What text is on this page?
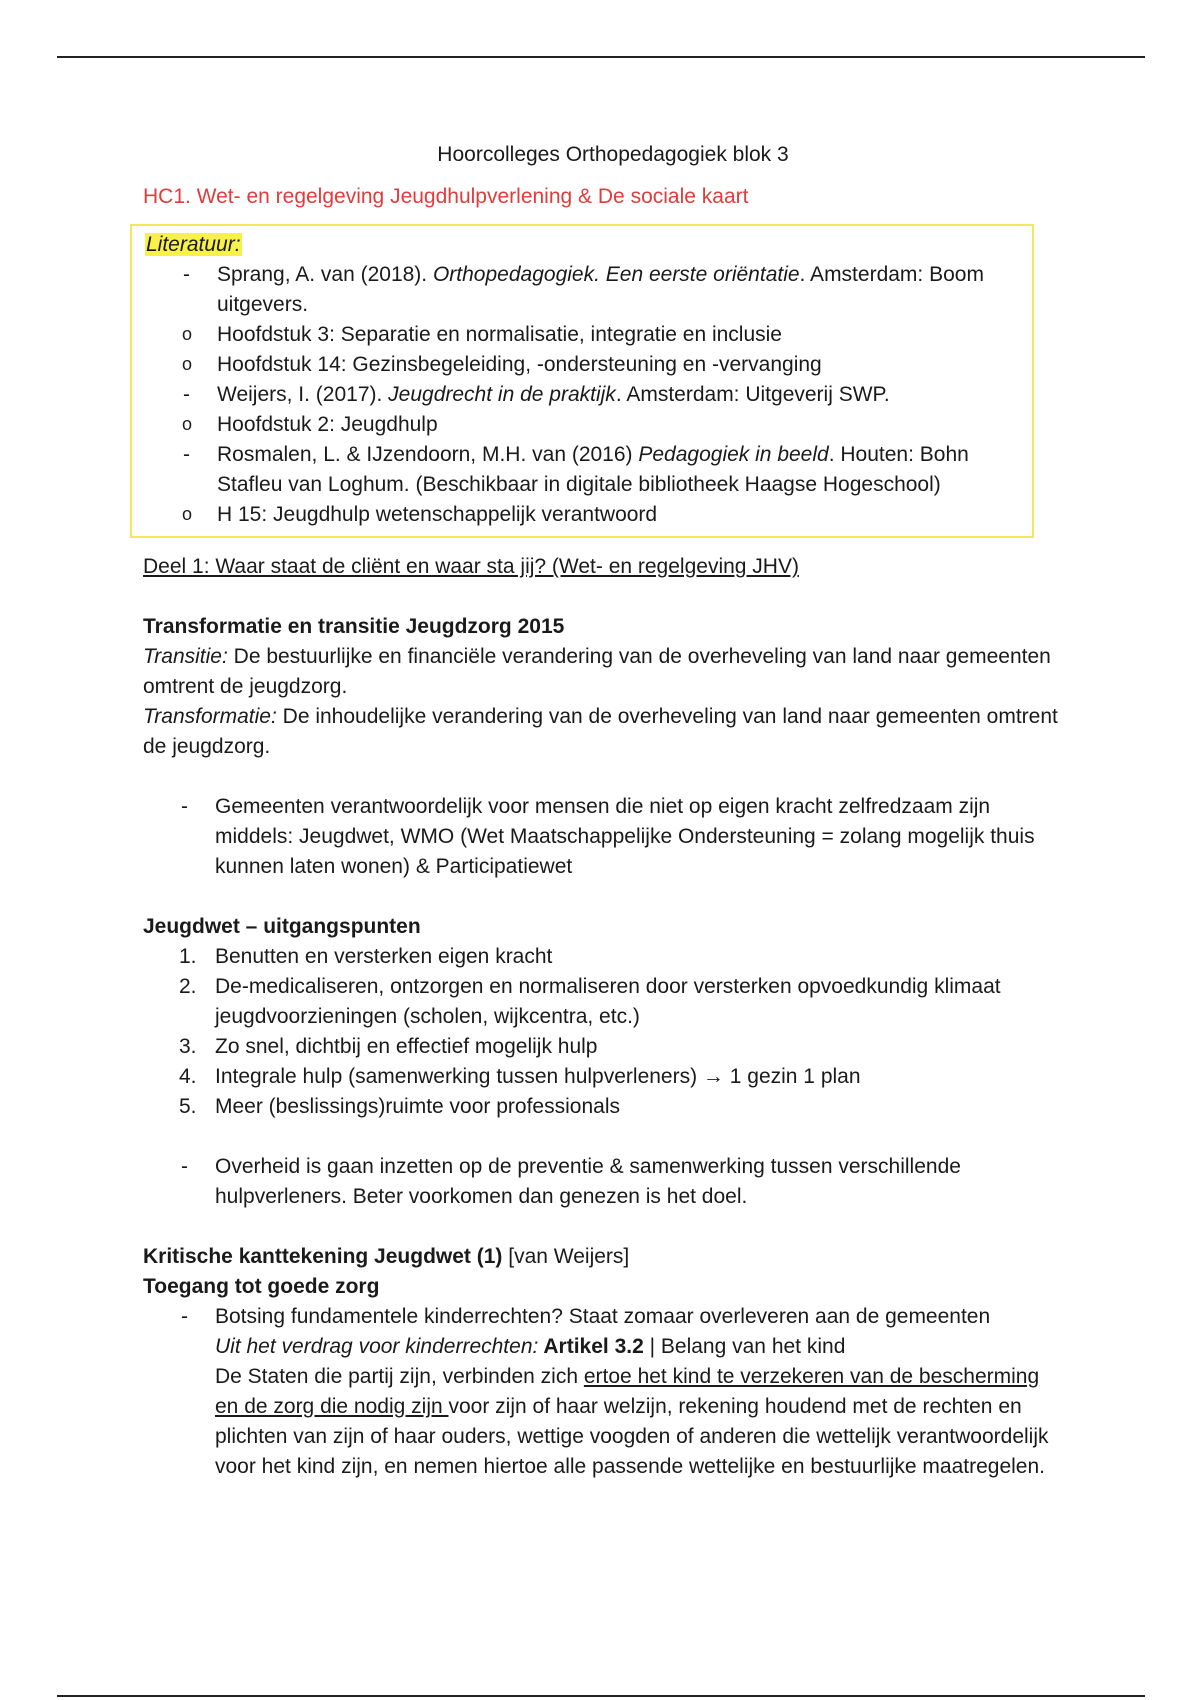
Hoorcolleges Orthopedagogiek blok 3
HC1. Wet- en regelgeving Jeugdhulpverlening & De sociale kaart
Literatuur:
- Sprang, A. van (2018). Orthopedagogiek. Een eerste oriëntatie. Amsterdam: Boom uitgevers.
o Hoofdstuk 3: Separatie en normalisatie, integratie en inclusie
o Hoofdstuk 14: Gezinsbegeleiding, -ondersteuning en -vervanging
- Weijers, I. (2017). Jeugdrecht in de praktijk. Amsterdam: Uitgeverij SWP.
o Hoofdstuk 2: Jeugdhulp
- Rosmalen, L. & IJzendoorn, M.H. van (2016) Pedagogiek in beeld. Houten: Bohn Stafleu van Loghum. (Beschikbaar in digitale bibliotheek Haagse Hogeschool)
o H 15: Jeugdhulp wetenschappelijk verantwoord
Deel 1: Waar staat de cliënt en waar sta jij? (Wet- en regelgeving JHV)
Transformatie en transitie Jeugdzorg 2015

Transitie: De bestuurlijke en financiële verandering van de overheveling van land naar gemeenten omtrent de jeugdzorg.

Transformatie: De inhoudelijke verandering van de overheveling van land naar gemeenten omtrent de jeugdzorg.

- Gemeenten verantwoordelijk voor mensen die niet op eigen kracht zelfredzaam zijn middels: Jeugdwet, WMO (Wet Maatschappelijke Ondersteuning = zolang mogelijk thuis kunnen laten wonen) & Participatiewet
Jeugdwet – uitgangspunten
1. Benutten en versterken eigen kracht
2. De-medicaliseren, ontzorgen en normaliseren door versterken opvoedkundig klimaat jeugdvoorzieningen (scholen, wijkcentra, etc.)
3. Zo snel, dichtbij en effectief mogelijk hulp
4. Integrale hulp (samenwerking tussen hulpverleners) → 1 gezin 1 plan
5. Meer (beslissings)ruimte voor professionals
- Overheid is gaan inzetten op de preventie & samenwerking tussen verschillende hulpverleners. Beter voorkomen dan genezen is het doel.
Kritische kanttekening Jeugdwet (1) [van Weijers]
Toegang tot goede zorg
- Botsing fundamentele kinderrechten? Staat zomaar overleveren aan de gemeenten
Uit het verdrag voor kinderrechten: Artikel 3.2 | Belang van het kind
De Staten die partij zijn, verbinden zich ertoe het kind te verzekeren van de bescherming en de zorg die nodig zijn voor zijn of haar welzijn, rekening houdend met de rechten en plichten van zijn of haar ouders, wettige voogden of anderen die wettelijk verantwoordelijk voor het kind zijn, en nemen hiertoe alle passende wettelijke en bestuurlijke maatregelen.
